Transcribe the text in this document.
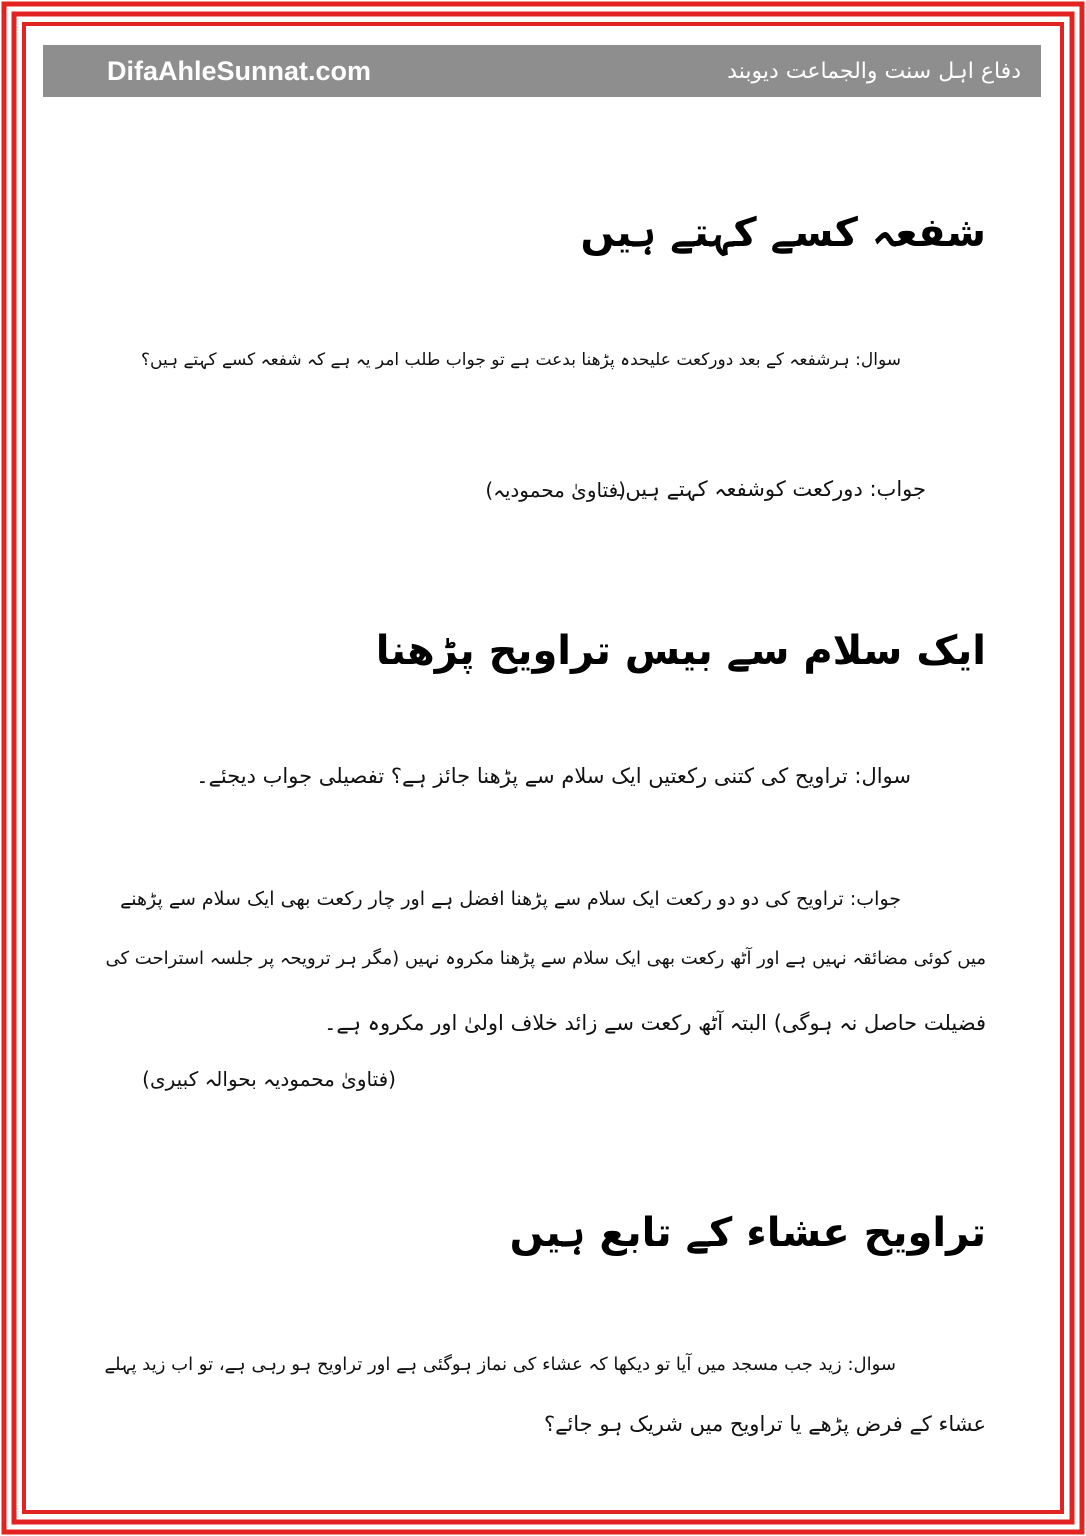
DifaAhleSunnat.com	دفاع اہل سنت والجماعت دیوبند
شفعہ کسے کہتے ہیں
سوال: ہرشفعہ کے بعد دورکعت علیحدہ پڑھنا بدعت ہے تو جواب طلب امر یہ ہے کہ شفعہ کسے کہتے ہیں؟
جواب: دورکعت کوشفعہ کہتے ہیں۔
(فتاویٰ محمودیہ)
ایک سلام سے بیس تراویح پڑھنا
سوال: تراویح کی کتنی رکعتیں ایک سلام سے پڑھنا جائز ہے؟ تفصیلی جواب دیجئے۔
جواب: تراویح کی دو دو رکعت ایک سلام سے پڑھنا افضل ہے اور چار رکعت بھی ایک سلام سے پڑھنے
میں کوئی مضائقہ نہیں ہے اور آٹھ رکعت بھی ایک سلام سے پڑھنا مکروہ نہیں (مگر ہر ترویحہ پر جلسہ استراحت کی
فضیلت حاصل نہ ہوگی) البتہ آٹھ رکعت سے زائد خلاف اولیٰ اور مکروہ ہے۔
(فتاویٰ محمودیہ بحوالہ کبیری)
تراویح عشاء کے تابع ہیں
سوال: زید جب مسجد میں آیا تو دیکھا کہ عشاء کی نماز ہوگئی ہے اور تراویح ہو رہی ہے، تو اب زید پہلے
عشاء کے فرض پڑھے یا تراویح میں شریک ہو جائے؟
